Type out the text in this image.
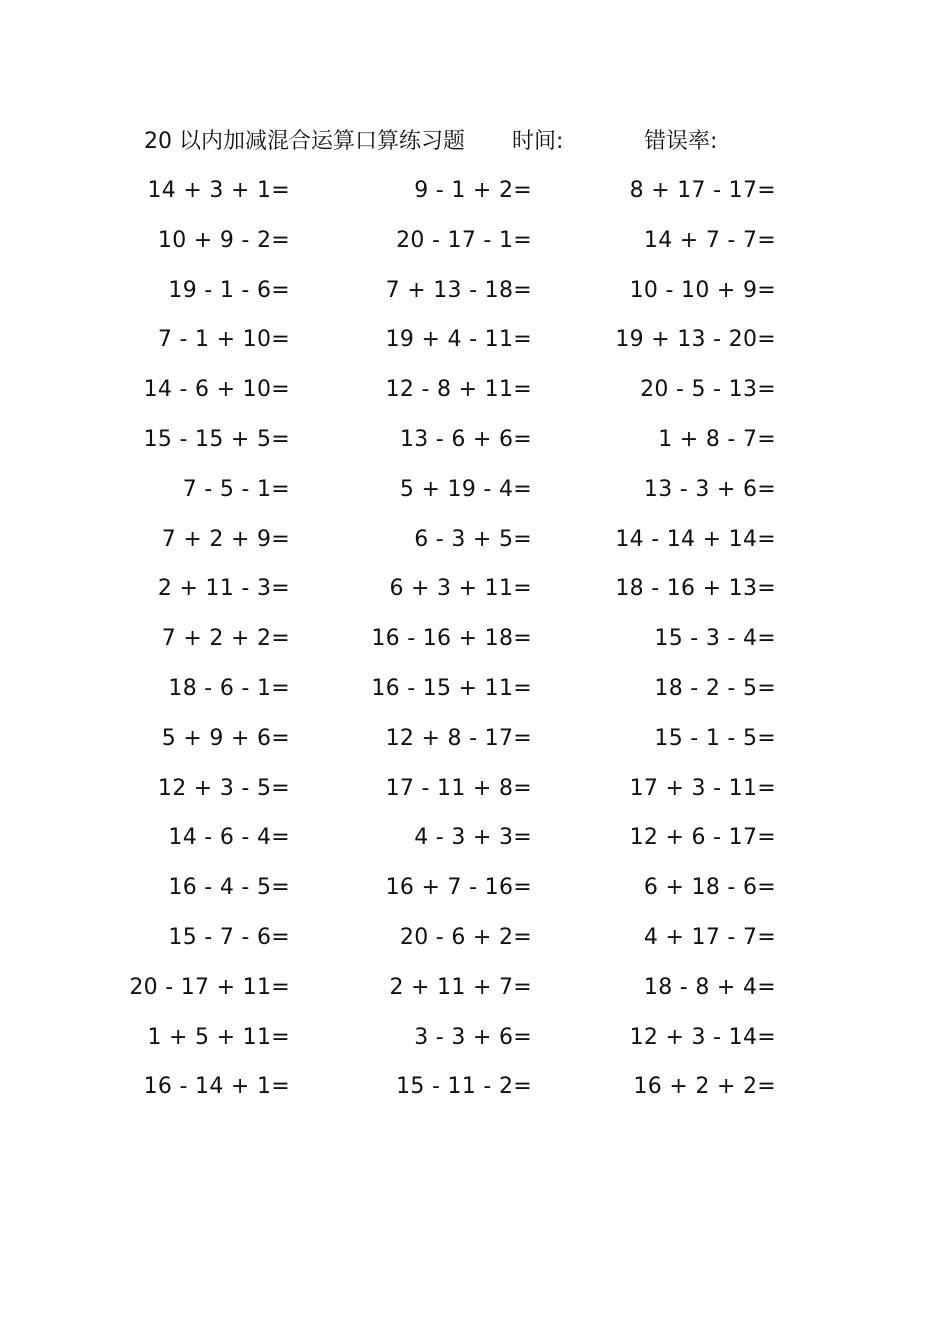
20 以内加减混合运算口算练习题 时间:	错误率:
14 + 3 + 1=
10 + 9 - 2=
19 - 1 - 6=
7 - 1 + 10=
14 - 6 + 10=
15 - 15 + 5=
7 - 5 - 1=
7 + 2 + 9=
2 + 11 - 3=
7 + 2 + 2=
18 - 6 - 1=
5 + 9 + 6=
12 + 3 - 5=
14 - 6 - 4=
16 - 4 - 5=
15 - 7 - 6=
20 - 17 + 11=
1 + 5 + 11=
16 - 14 + 1=
9 - 1 + 2=
20 - 17 - 1=
7 + 13 - 18=
19 + 4 - 11=
12 - 8 + 11=
13 - 6 + 6=
5 + 19 - 4=
6 - 3 + 5=
6 + 3 + 11=
16 - 16 + 18=
16 - 15 + 11=
12 + 8 - 17=
17 - 11 + 8=
4 - 3 + 3=
16 + 7 - 16=
20 - 6 + 2=
2 + 11 + 7=
3 - 3 + 6=
15 - 11 - 2=
8 + 17 - 17=
14 + 7 - 7=
10 - 10 + 9=
19 + 13 - 20=
20 - 5 - 13=
1 + 8 - 7=
13 - 3 + 6=
14 - 14 + 14=
18 - 16 + 13=
15 - 3 - 4=
18 - 2 - 5=
15 - 1 - 5=
17 + 3 - 11=
12 + 6 - 17=
6 + 18 - 6=
4 + 17 - 7=
18 - 8 + 4=
12 + 3 - 14=
16 + 2 + 2=
